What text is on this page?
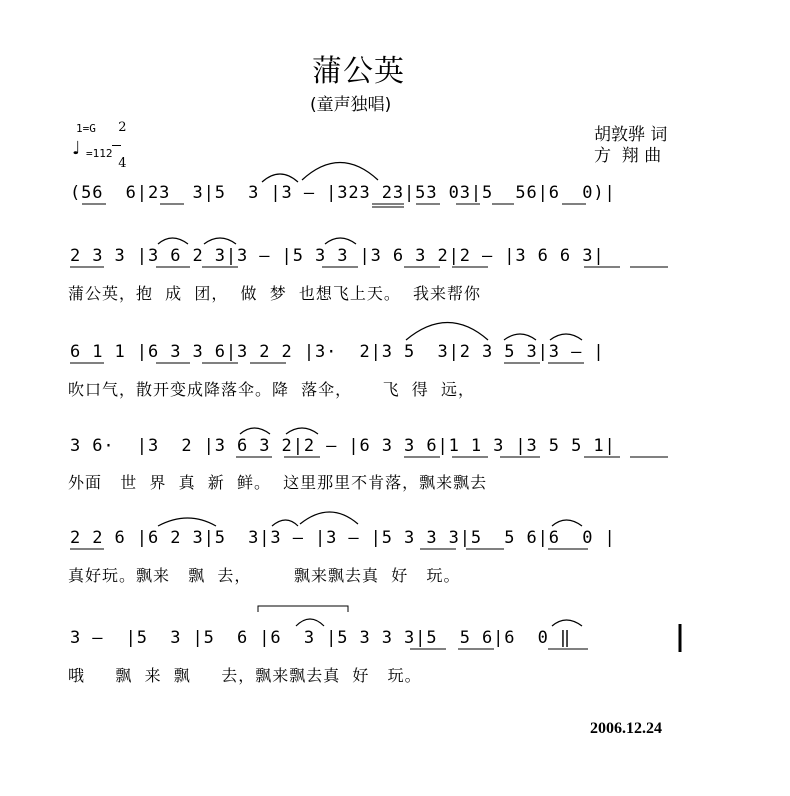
蒲公英
(童声独唱)
1=G	2

4

♩ =112
胡敦骅 词
方  翔 曲
(56  6|23  3|5  3 |3 – |323 23|53 03|5  56|6  0)|
2 3 3 |3 6 2 3|3 – |5 3 3 |3 6 3 2|2 – |3 6 6 3|
蒲公英，抱  成  团，  做  梦  也想飞上天。  我来帮你
6 1 1 |6 3 3 6|3 2 2 |3·  2|3 5  3|2 3 5 3|3 – |
吹口气，散开变成降落伞。降  落伞，     飞  得  远，
3 6·  |3  2 |3 6 3 2|2 – |6 3 3 6|1 1 3 |3 5 5 1|
外面   世  界  真  新  鲜。  这里那里不肯落，飘来飘去
2 2 6 |6 2 3|5  3|3 – |3 – |5 3 3 3|5  5 6|6  0 |
真好玩。飘来   飘  去，       飘来飘去真  好   玩。
3 –  |5  3 |5  6 |6  3 |5 3 3 3|5  5 6|6  0 ‖
哦     飘  来  飘     去，飘来飘去真  好   玩。
2006.12.24
